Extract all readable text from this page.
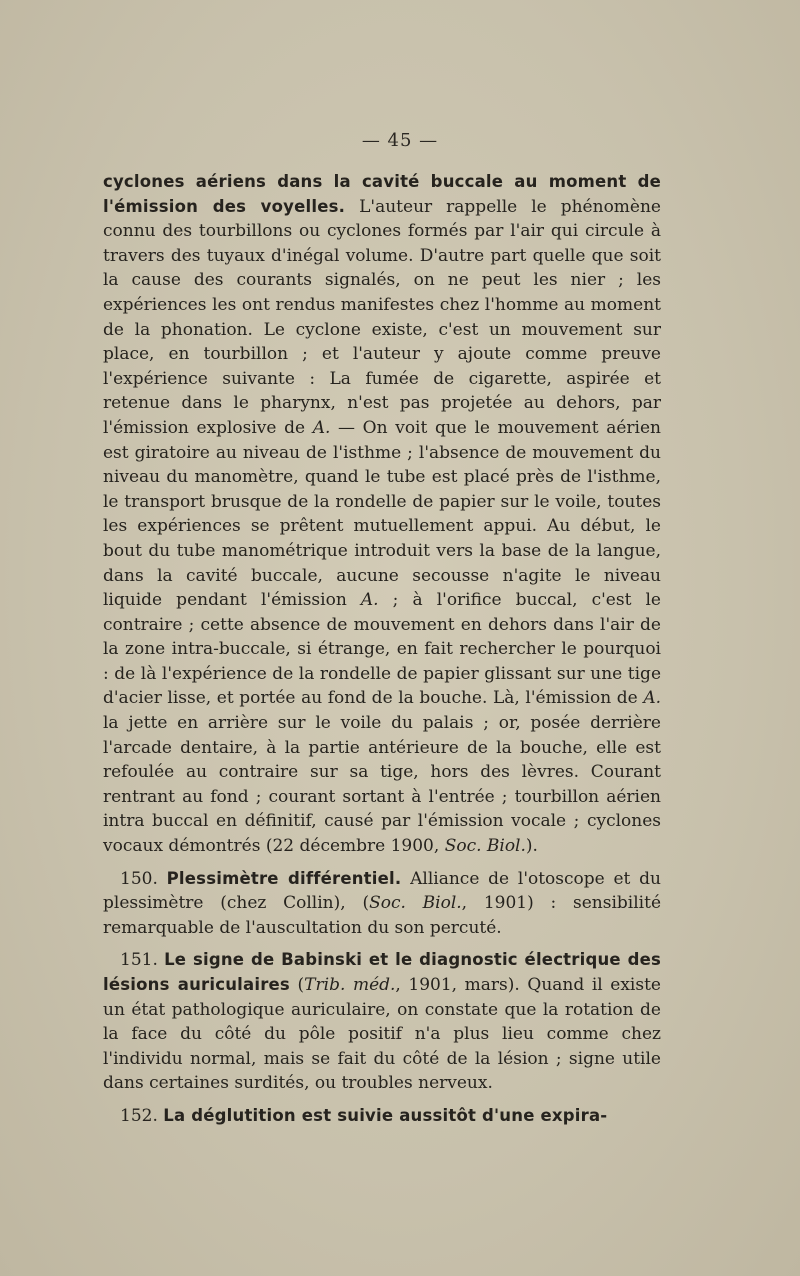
— 45 —

cyclones aériens dans la cavité buccale au moment de l'émission des voyelles. L'auteur rappelle le phénomène connu des tourbillons ou cyclones formés par l'air qui circule à travers des tuyaux d'inégal volume. D'autre part quelle que soit la cause des courants signalés, on ne peut les nier ; les expériences les ont rendus manifestes chez l'homme au moment de la phonation. Le cyclone existe, c'est un mouvement sur place, en tourbillon ; et l'auteur y ajoute comme preuve l'expérience suivante : La fumée de cigarette, aspirée et retenue dans le pharynx, n'est pas projetée au dehors, par l'émission explosive de A. — On voit que le mouvement aérien est giratoire au niveau de l'isthme ; l'absence de mouvement du niveau du manomètre, quand le tube est placé près de l'isthme, le transport brusque de la rondelle de papier sur le voile, toutes les expériences se prêtent mutuellement appui. Au début, le bout du tube manométrique introduit vers la base de la langue, dans la cavité buccale, aucune secousse n'agite le niveau liquide pendant l'émission A. ; à l'orifice buccal, c'est le contraire ; cette absence de mouvement en dehors dans l'air de la zone intra-buccale, si étrange, en fait rechercher le pourquoi : de là l'expérience de la rondelle de papier glissant sur une tige d'acier lisse, et portée au fond de la bouche. Là, l'émission de A. la jette en arrière sur le voile du palais ; or, posée derrière l'arcade dentaire, à la partie antérieure de la bouche, elle est refoulée au contraire sur sa tige, hors des lèvres. Courant rentrant au fond ; courant sortant à l'entrée ; tourbillon aérien intra buccal en définitif, causé par l'émission vocale ; cyclones vocaux démontrés (22 décembre 1900, Soc. Biol.).

150. Plessimètre différentiel. Alliance de l'otoscope et du plessimètre (chez Collin), (Soc. Biol., 1901) : sensibilité remarquable de l'auscultation du son percuté.

151. Le signe de Babinski et le diagnostic électrique des lésions auriculaires (Trib. méd., 1901, mars). Quand il existe un état pathologique auriculaire, on constate que la rotation de la face du côté du pôle positif n'a plus lieu comme chez l'individu normal, mais se fait du côté de la lésion ; signe utile dans certaines surdités, ou troubles nerveux.

152. La déglutition est suivie aussitôt d'une expira-
